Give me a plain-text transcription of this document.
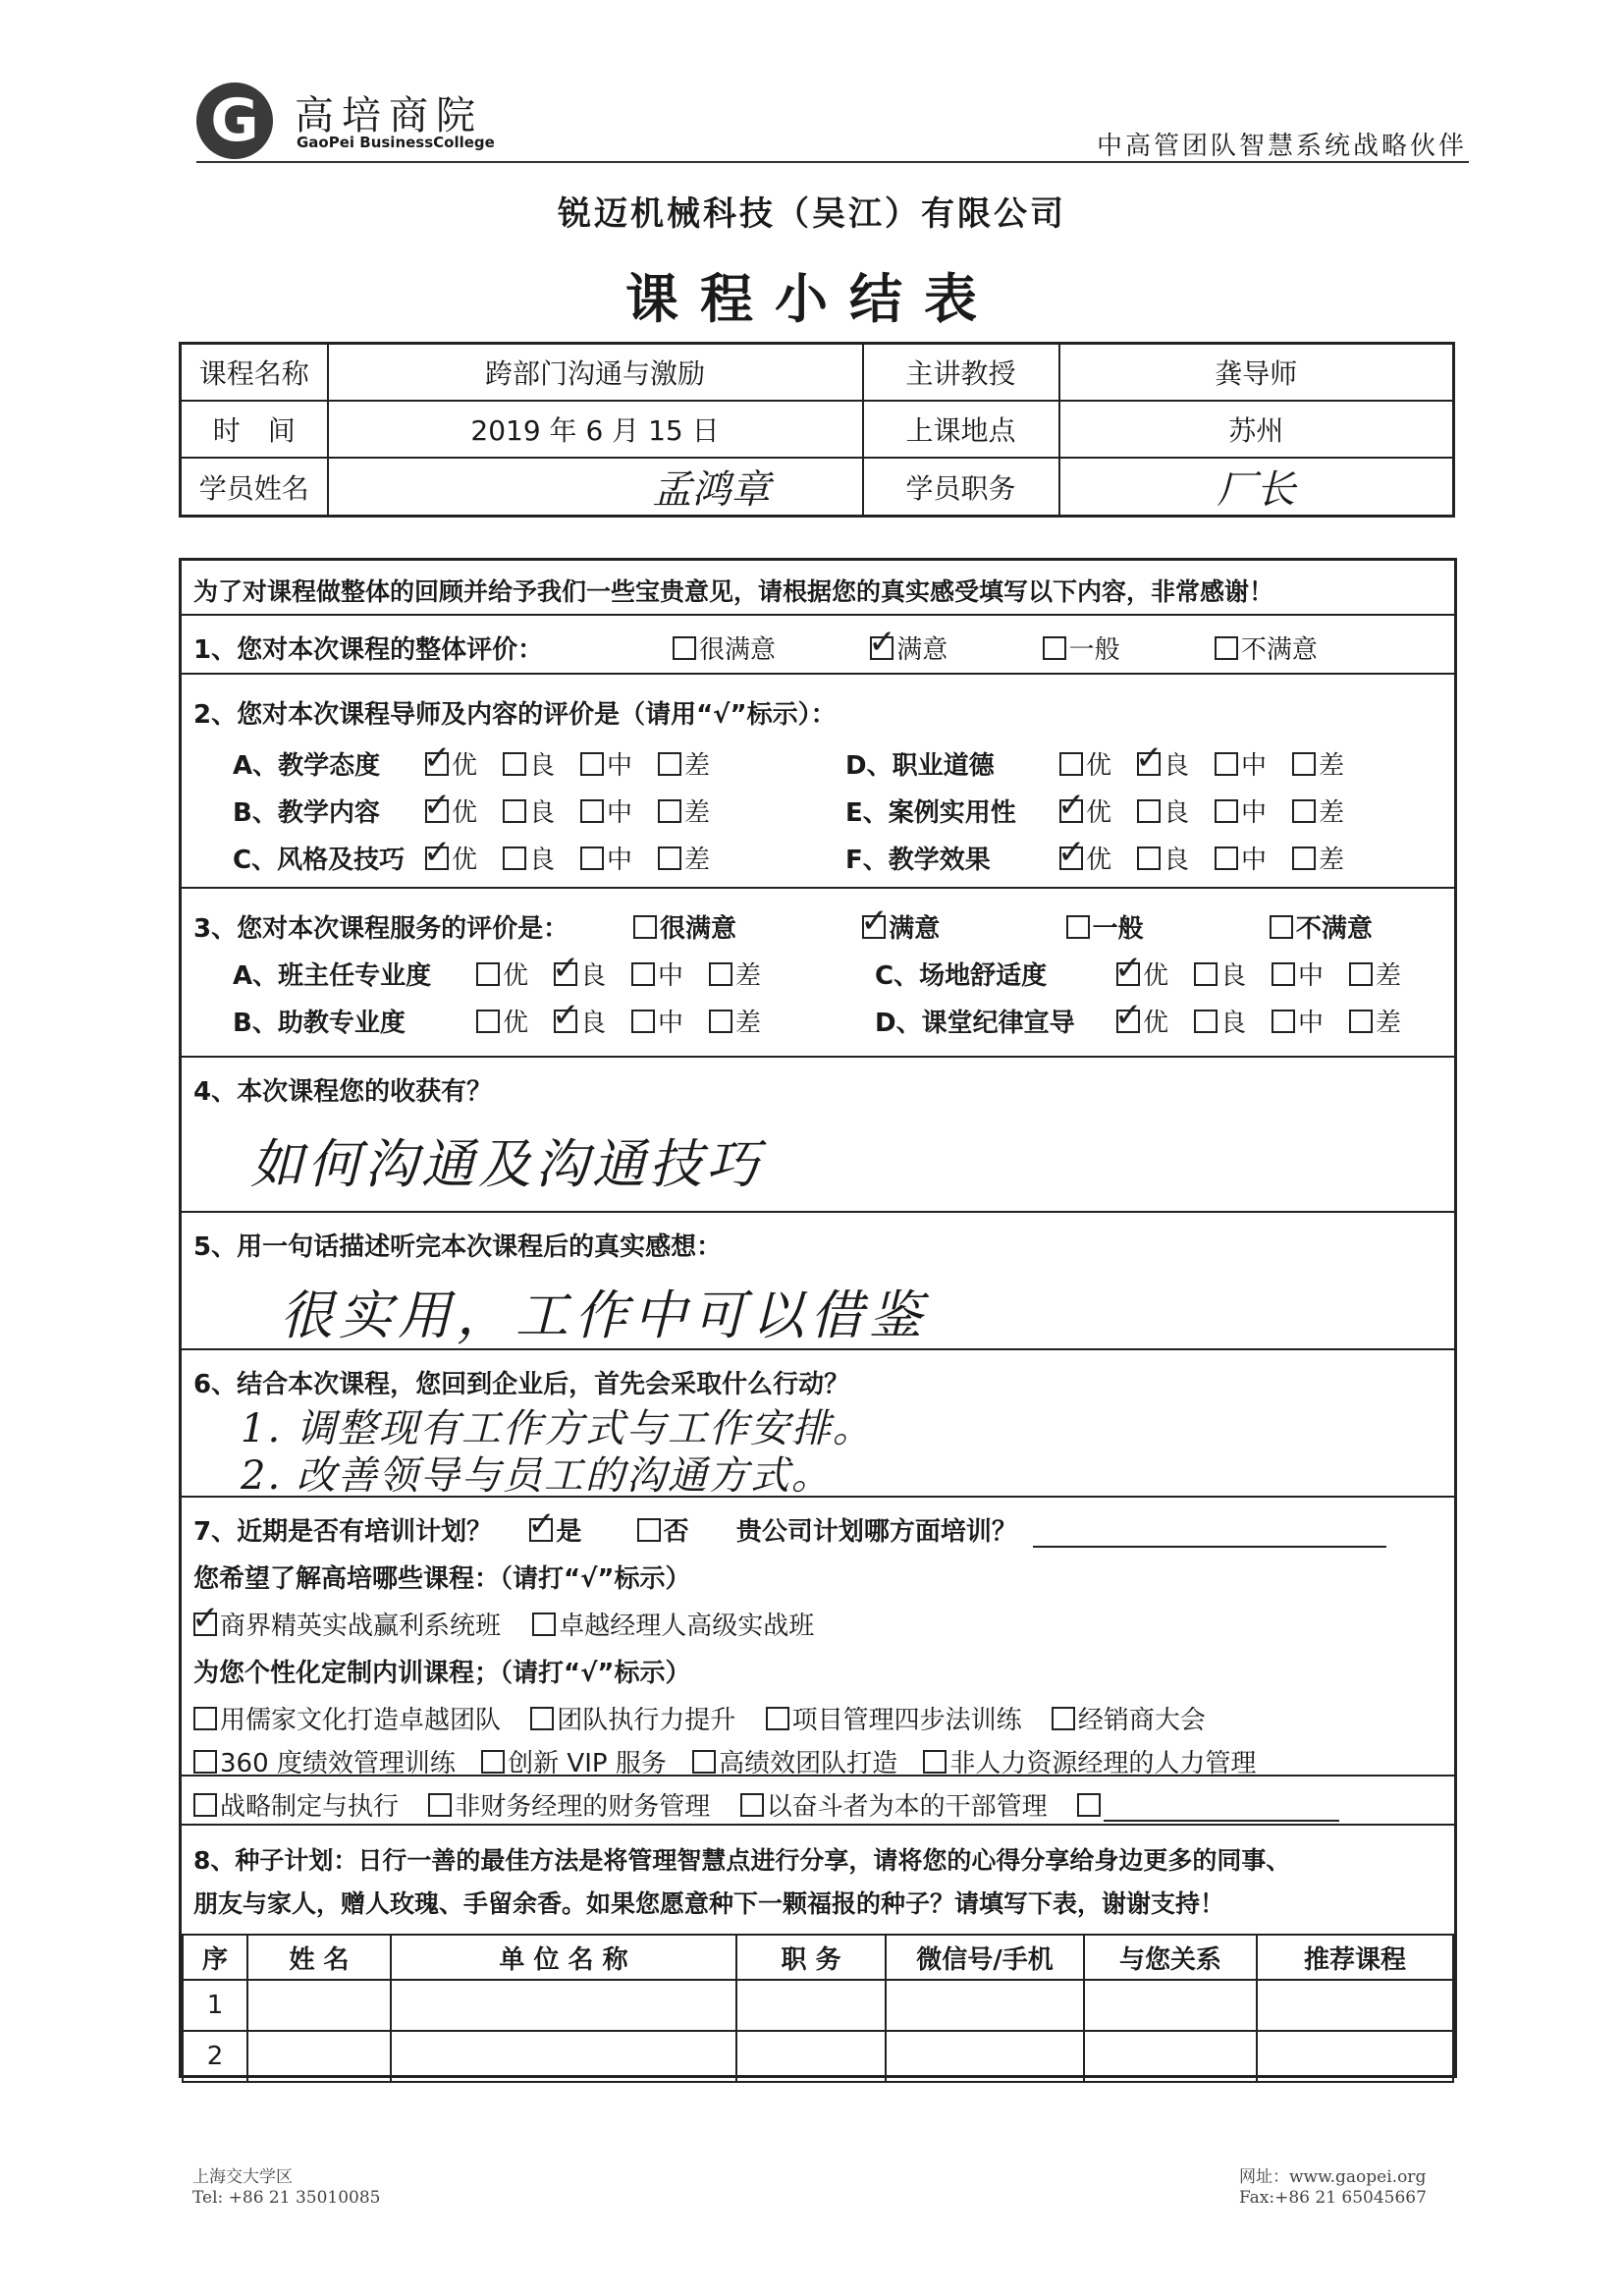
G 高培商院
GaoPei BusinessCollege	中高管团队智慧系统战略伙伴
锐迈机械科技（吴江）有限公司
课程小结表
课程名称	跨部门沟通与激励	主讲教授	龚导师
时　间	2019 年 6 月 15 日	上课地点	苏州
学员姓名	孟鸿章	学员职务	厂长
为了对课程做整体的回顾并给予我们一些宝贵意见，请根据您的真实感受填写以下内容，非常感谢！
1、您对本次课程的整体评价：	很满意 ✓	满意	一般	不满意
2、您对本次课程导师及内容的评价是（请用“√”标示）：
A、教学态度 ✓	优 良 中 差	D、职业道德	优 ✓ 良 中 差
B、教学内容 ✓	优 良 中 差	E、案例实用性 ✓	优 良 中 差
C、风格及技巧 ✓ 优 良 中 差	F、教学效果 ✓	优 良 中 差
3、您对本次课程服务的评价是：	很满意 ✓	满意	一般	不满意
A、班主任专业度	优 ✓ 良 中 差	C、场地舒适度 ✓	优 良 中 差
B、助教专业度	优 ✓ 良 中 差	D、课堂纪律宣导 ✓	优 良 中 差
4、本次课程您的收获有？
如何沟通及沟通技巧
5、用一句话描述听完本次课程后的真实感想：
很实用，工作中可以借鉴
6、结合本次课程，您回到企业后，首先会采取什么行动？
1. 调整现有工作方式与工作安排。
2. 改善领导与员工的沟通方式。
7、近期是否有培训计划？ ✓	是	否 贵公司计划哪方面培训？
您希望了解高培哪些课程：（请打“√”标示）
✓商界精英实战赢利系统班 卓越经理人高级实战班
为您个性化定制内训课程；（请打“√”标示）
用儒家文化打造卓越团队 团队执行力提升 项目管理四步法训练 经销商大会
360 度绩效管理训练 创新 VIP 服务 高绩效团队打造 非人力资源经理的人力管理
战略制定与执行 非财务经理的财务管理 以奋斗者为本的干部管理
8、种子计划：日行一善的最佳方法是将管理智慧点进行分享，请将您的心得分享给身边更多的同事、
朋友与家人，赠人玫瑰、手留余香。如果您愿意种下一颗福报的种子？请填写下表，谢谢支持！
序	姓 名	单 位 名 称	职 务	微信号/手机	与您关系	推荐课程
1						
2						
上海交大学区
Tel: +86 21 35010085
网址：www.gaopei.org
Fax:+86 21 65045667
